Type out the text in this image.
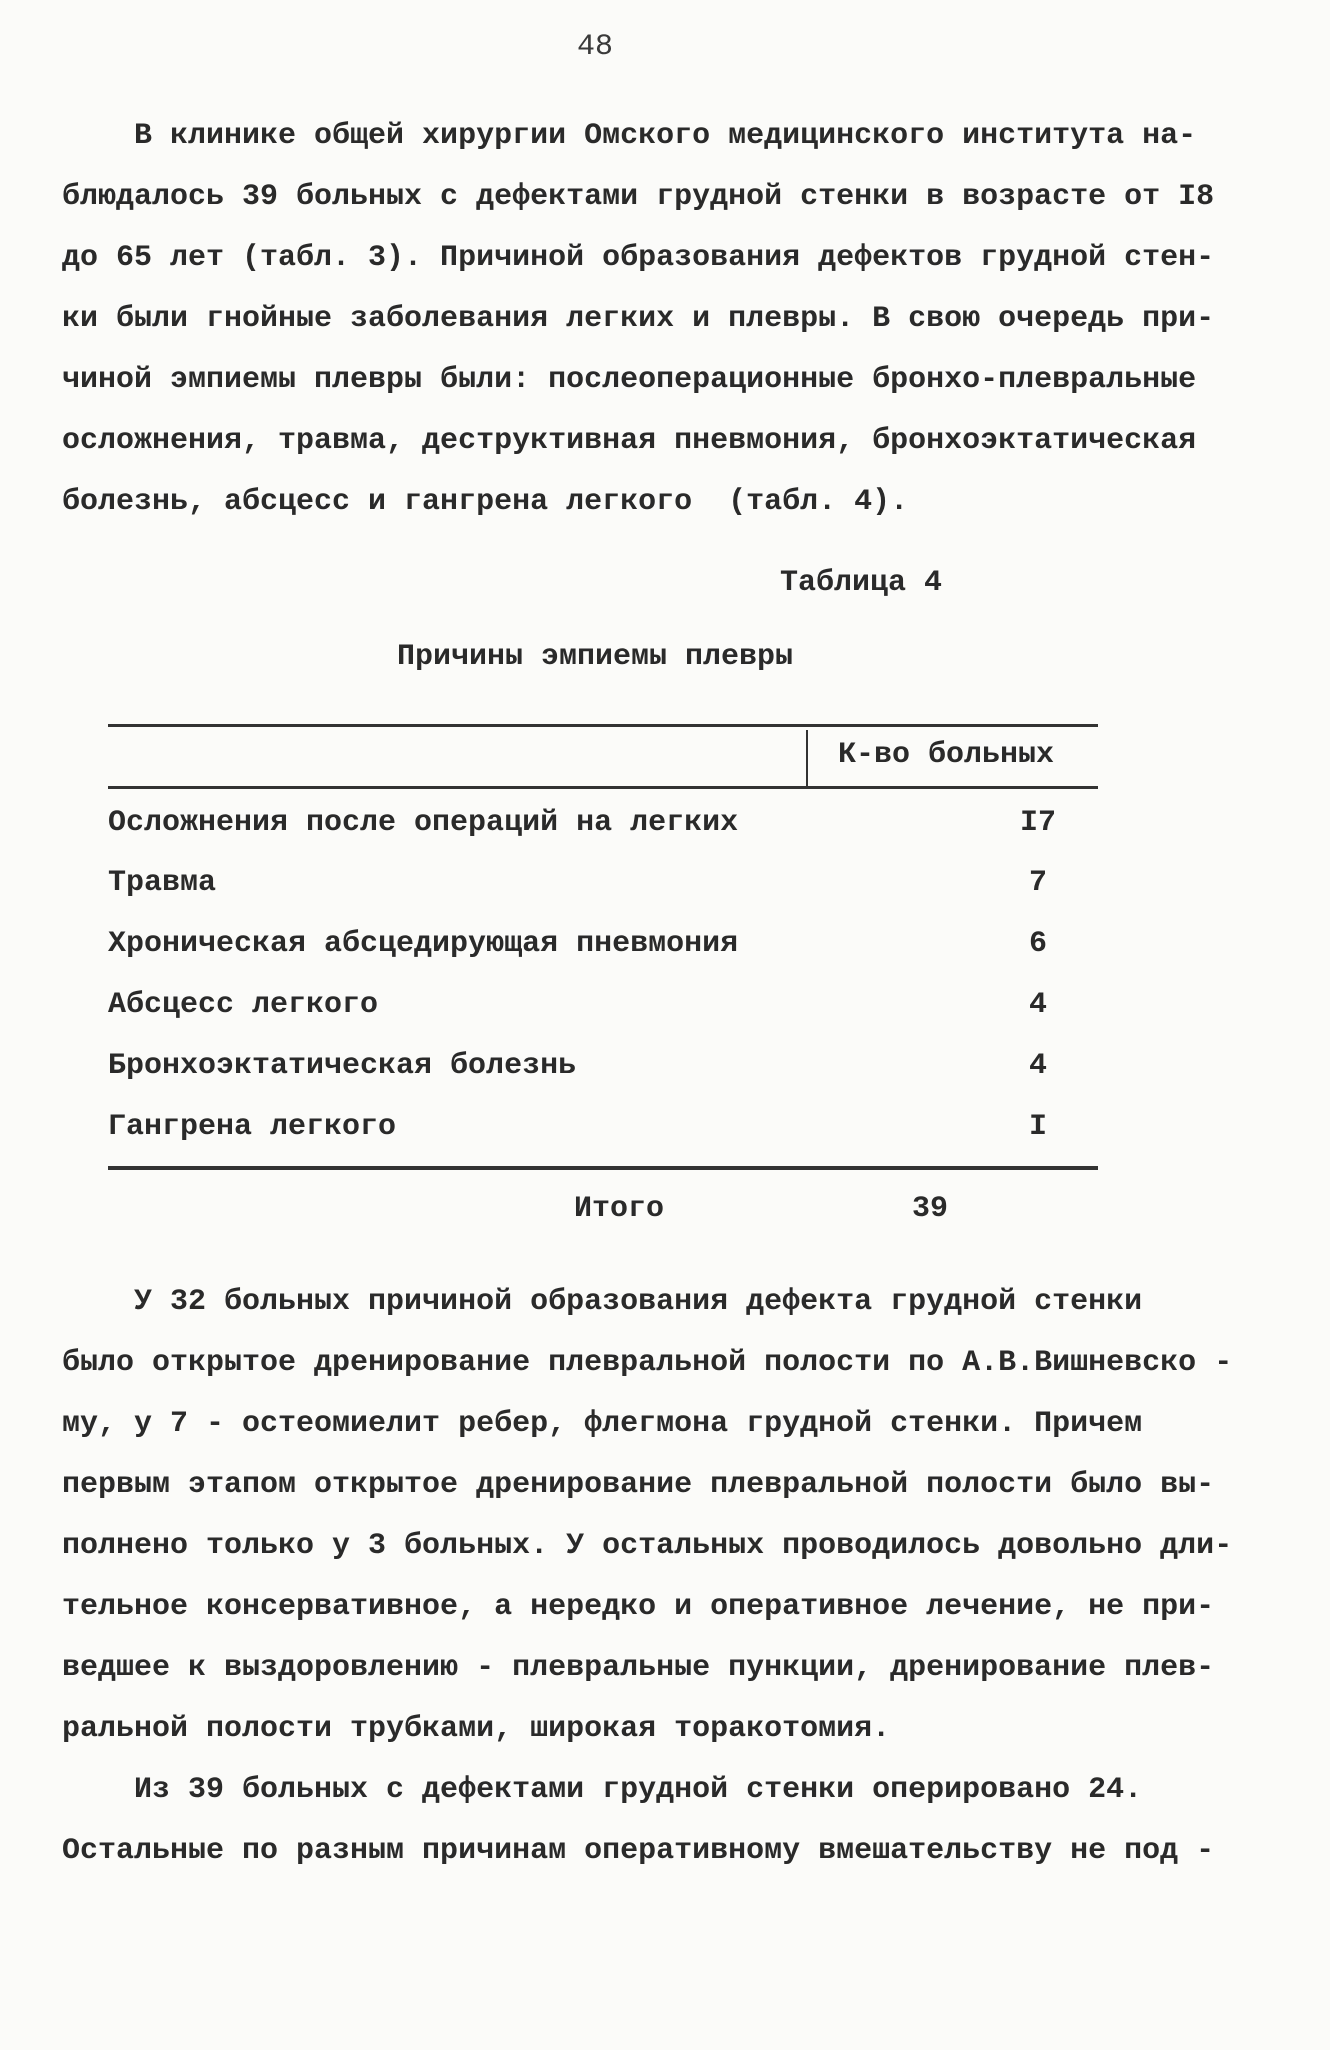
48

В клинике общей хирургии Омского медицинского института на-
блюдалось 39 больных с дефектами грудной стенки в возрасте от I8
до 65 лет (табл. 3). Причиной образования дефектов грудной стен-
ки были гнойные заболевания легких и плевры. В свою очередь при-
чиной эмпиемы плевры были: послеоперационные бронхо-плевральные
осложнения, травма, деструктивная пневмония, бронхоэктатическая
болезнь, абсцесс и гангрена легкого  (табл. 4).

Таблица 4
Причины эмпиемы плевры
К-во больных
Осложнения после операций на легких	I7
Травма	7
Хроническая абсцедирующая пневмония	6
Абсцесс легкого	4
Бронхоэктатическая болезнь	4
Гангрена легкого	I
Итого	39

У 32 больных причиной образования дефекта грудной стенки
было открытое дренирование плевральной полости по А.В.Вишневско -
му, у 7 - остеомиелит ребер, флегмона грудной стенки. Причем
первым этапом открытое дренирование плевральной полости было вы-
полнено только у 3 больных. У остальных проводилось довольно дли-
тельное консервативное, а нередко и оперативное лечение, не при-
ведшее к выздоровлению - плевральные пункции, дренирование плев-
ральной полости трубками, широкая торакотомия.

Из 39 больных с дефектами грудной стенки оперировано 24.
Остальные по разным причинам оперативному вмешательству не под -
